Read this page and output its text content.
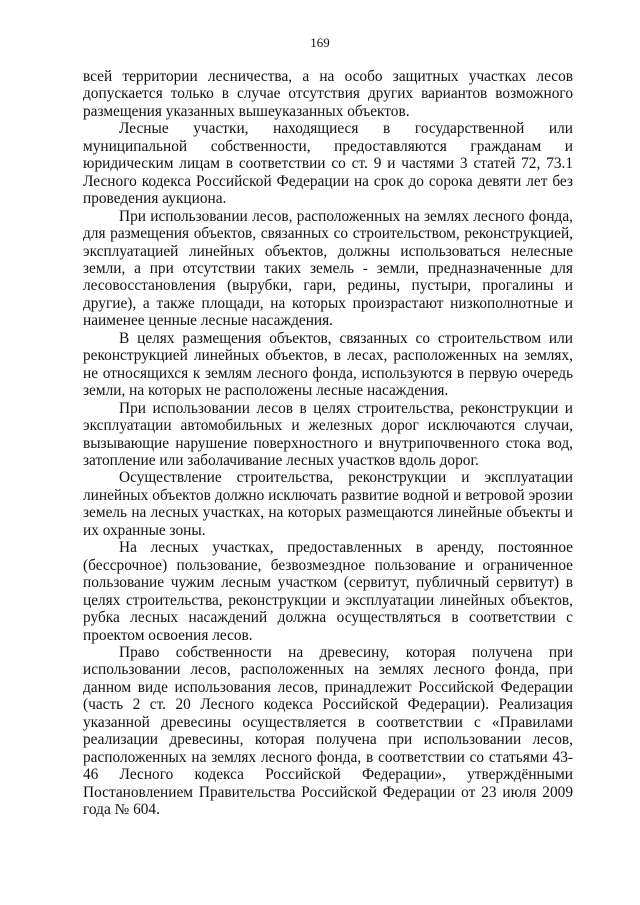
169

всей территории лесничества, а на особо защитных участках лесов допускается только в случае отсутствия других вариантов возможного размещения указанных вышеуказанных объектов.

Лесные участки, находящиеся в государственной или муниципальной собственности, предоставляются гражданам и юридическим лицам в соответствии со ст. 9 и частями 3 статей 72, 73.1 Лесного кодекса Российской Федерации на срок до сорока девяти лет без проведения аукциона.

При использовании лесов, расположенных на землях лесного фонда, для размещения объектов, связанных со строительством, реконструкцией, эксплуатацией линейных объектов, должны использоваться нелесные земли, а при отсутствии таких земель - земли, предназначенные для лесовосстановления (вырубки, гари, редины, пустыри, прогалины и другие), а также площади, на которых произрастают низкополнотные и наименее ценные лесные насаждения.

В целях размещения объектов, связанных со строительством или реконструкцией линейных объектов, в лесах, расположенных на землях, не относящихся к землям лесного фонда, используются в первую очередь земли, на которых не расположены лесные насаждения.

При использовании лесов в целях строительства, реконструкции и эксплуатации автомобильных и железных дорог исключаются случаи, вызывающие нарушение поверхностного и внутрипочвенного стока вод, затопление или заболачивание лесных участков вдоль дорог.

Осуществление строительства, реконструкции и эксплуатации линейных объектов должно исключать развитие водной и ветровой эрозии земель на лесных участках, на которых размещаются линейные объекты и их охранные зоны.

На лесных участках, предоставленных в аренду, постоянное (бессрочное) пользование, безвозмездное пользование и ограниченное пользование чужим лесным участком (сервитут, публичный сервитут) в целях строительства, реконструкции и эксплуатации линейных объектов, рубка лесных насаждений должна осуществляться в соответствии с проектом освоения лесов.

Право собственности на древесину, которая получена при использовании лесов, расположенных на землях лесного фонда, при данном виде использования лесов, принадлежит Российской Федерации (часть 2 ст. 20 Лесного кодекса Российской Федерации). Реализация указанной древесины осуществляется в соответствии с «Правилами реализации древесины, которая получена при использовании лесов, расположенных на землях лесного фонда, в соответствии со статьями 43-46 Лесного кодекса Российской Федерации», утверждёнными Постановлением Правительства Российской Федерации от 23 июля 2009 года № 604.
